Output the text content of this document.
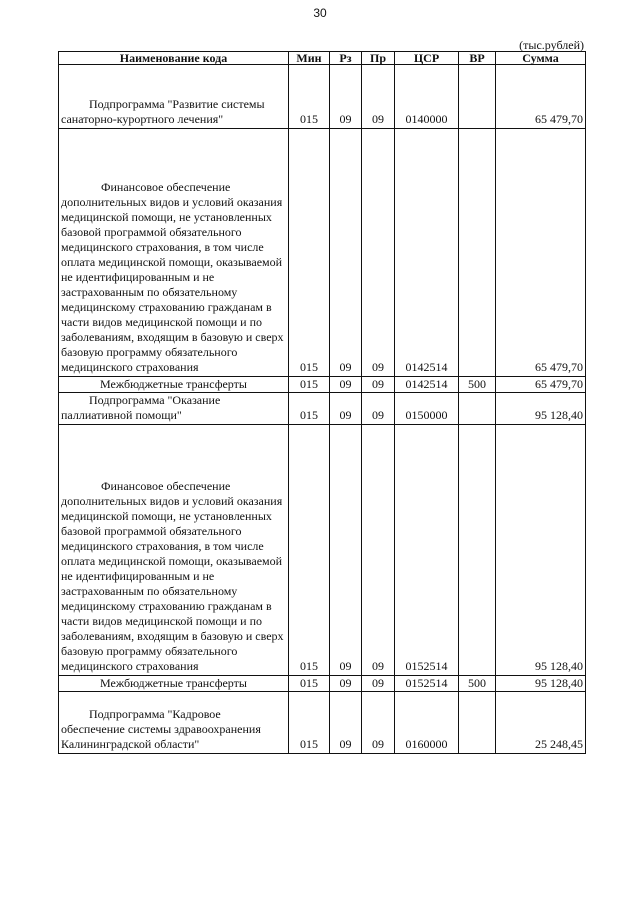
30
(тыс.рублей)
Наименование кода	Мин	Рз	Пр	ЦСР	ВР	Сумма
Подпрограмма "Развитие системы санаторно-курортного лечения"	015	09	09	0140000		65 479,70
Финансовое обеспечение дополнительных видов и условий оказания медицинской помощи, не установленных базовой программой обязательного медицинского страхования, в том числе оплата медицинской помощи, оказываемой не идентифицированным и не застрахованным по обязательному медицинскому страхованию гражданам в части видов медицинской помощи и по заболеваниям, входящим в базовую и сверх базовую программу обязательного медицинского страхования	015	09	09	0142514		65 479,70
Межбюджетные трансферты	015	09	09	0142514	500	65 479,70
Подпрограмма "Оказание паллиативной помощи"	015	09	09	0150000		95 128,40
Финансовое обеспечение дополнительных видов и условий оказания медицинской помощи, не установленных базовой программой обязательного медицинского страхования, в том числе оплата медицинской помощи, оказываемой не идентифицированным и не застрахованным по обязательному медицинскому страхованию гражданам в части видов медицинской помощи и по заболеваниям, входящим в базовую и сверх базовую программу обязательного медицинского страхования	015	09	09	0152514		95 128,40
Межбюджетные трансферты	015	09	09	0152514	500	95 128,40
Подпрограмма "Кадровое обеспечение системы здравоохранения Калининградской области"	015	09	09	0160000		25 248,45
